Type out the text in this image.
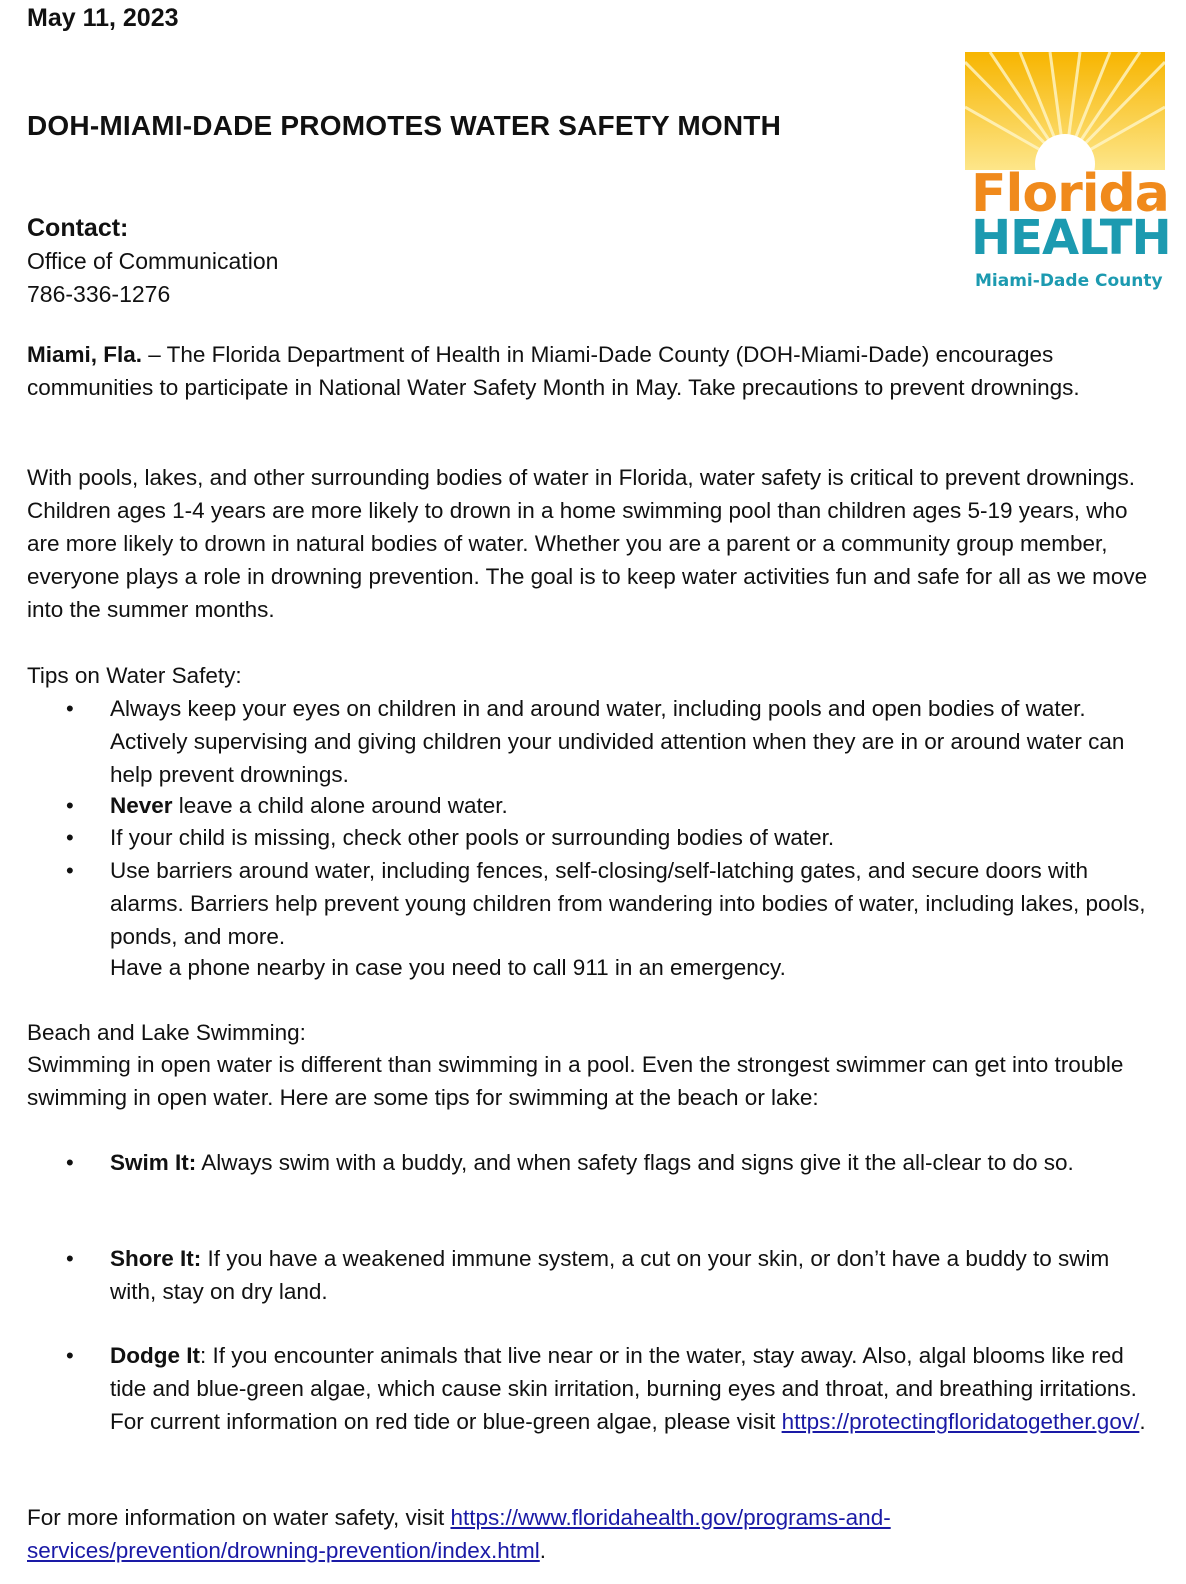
May 11, 2023
DOH-MIAMI-DADE PROMOTES WATER SAFETY MONTH
Florida
HEALTH
Miami-Dade County
Contact:
Office of Communication
786-336-1276

Miami, Fla. – The Florida Department of Health in Miami-Dade County (DOH-Miami-Dade) encourages communities to participate in National Water Safety Month in May. Take precautions to prevent drownings.

With pools, lakes, and other surrounding bodies of water in Florida, water safety is critical to prevent drownings. Children ages 1-4 years are more likely to drown in a home swimming pool than children ages 5-19 years, who are more likely to drown in natural bodies of water. Whether you are a parent or a community group member, everyone plays a role in drowning prevention. The goal is to keep water activities fun and safe for all as we move into the summer months.

Tips on Water Safety:
• Always keep your eyes on children in and around water, including pools and open bodies of water. Actively supervising and giving children your undivided attention when they are in or around water can help prevent drownings.

• Never leave a child alone around water.

• If your child is missing, check other pools or surrounding bodies of water.

• Use barriers around water, including fences, self-closing/self-latching gates, and secure doors with alarms. Barriers help prevent young children from wandering into bodies of water, including lakes, pools, ponds, and more.

Have a phone nearby in case you need to call 911 in an emergency.

Beach and Lake Swimming:

Swimming in open water is different than swimming in a pool. Even the strongest swimmer can get into trouble swimming in open water. Here are some tips for swimming at the beach or lake:

• Swim It: Always swim with a buddy, and when safety flags and signs give it the all-clear to do so.

• Shore It: If you have a weakened immune system, a cut on your skin, or don’t have a buddy to swim with, stay on dry land.

• Dodge It: If you encounter animals that live near or in the water, stay away. Also, algal blooms like red tide and blue-green algae, which cause skin irritation, burning eyes and throat, and breathing irritations. For current information on red tide or blue-green algae, please visit https://protectingfloridatogether.gov/.

For more information on water safety, visit https://www.floridahealth.gov/programs-and-services/prevention/drowning-prevention/index.html.
